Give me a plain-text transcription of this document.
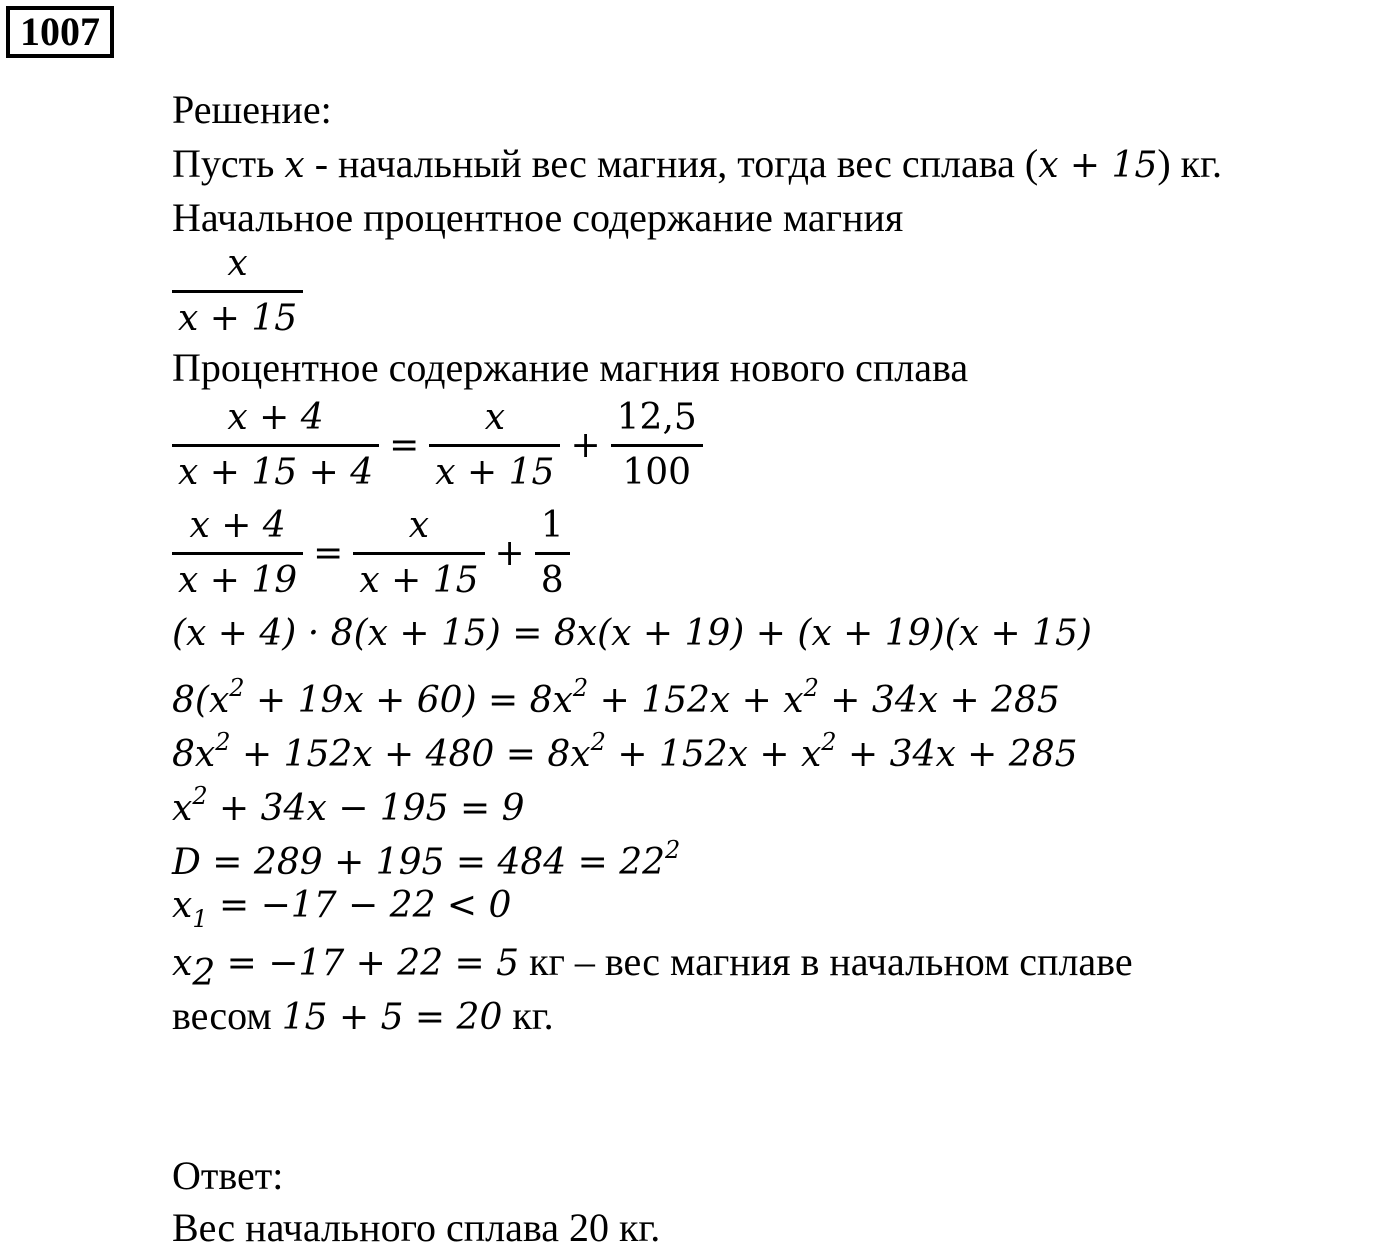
1007
Решение:
Пусть x - начальный вес магния, тогда вес сплава (x + 15) кг.
Начальное процентное содержание магния
$\frac{x}{x + 15}$
Процентное содержание магния нового сплава
$\frac{x + 4}{x + 15 + 4} = \frac{x}{x + 15} + \frac{12,5}{100}$
$\frac{x + 4}{x + 19} = \frac{x}{x + 15} + \frac{1}{8}$
(x + 4) · 8(x + 15) = 8x(x + 19) + (x + 19)(x + 15)
$8(x^2 + 19x + 60) = 8x^2 + 152x + x^2 + 34x + 285$
$8x^2 + 152x + 480 = 8x^2 + 152x + x^2 + 34x + 285$
$x^2 + 34x - 195 = 9$
$D = 289 + 195 = 484 = 22^2$
$x_1 = -17 - 22 < 0$
$x_2 = -17 + 22 = 5$ кг – вес магния в начальном сплаве
весом 15 + 5 = 20 кг.
Ответ:
Вес начального сплава 20 кг.
